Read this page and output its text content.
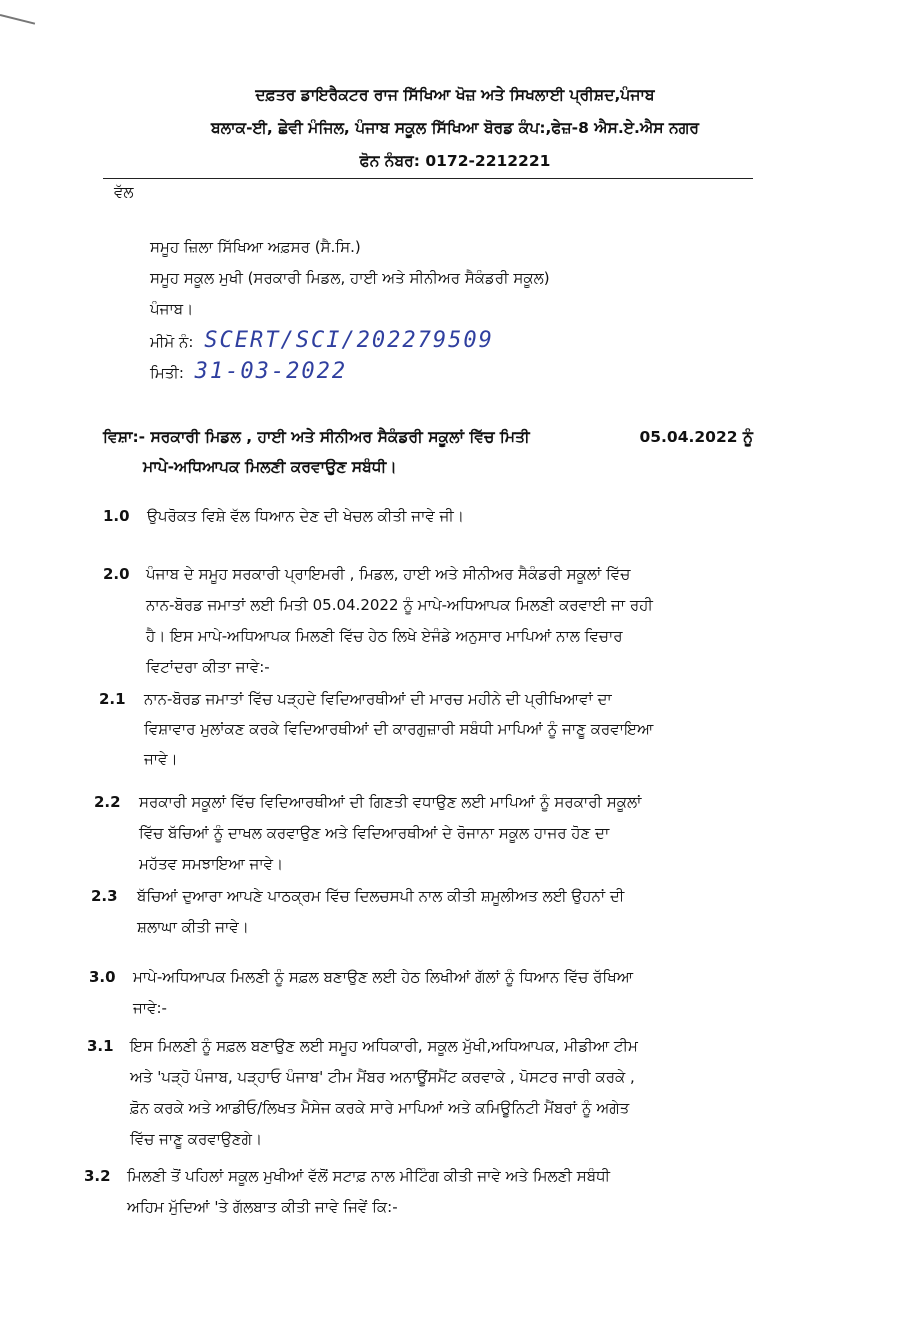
ਦਫ਼ਤਰ ਡਾਇਰੈਕਟਰ ਰਾਜ ਸਿੱਖਿਆ ਖੋਜ਼ ਅਤੇ ਸਿਖਲਾਈ ਪ੍ਰੀਸ਼ਦ,ਪੰਜਾਬ
ਬਲਾਕ-ਈ, ਛੇਵੀ ਮੰਜਿਲ, ਪੰਜਾਬ ਸਕੂਲ ਸਿੱਖਿਆ ਬੋਰਡ ਕੰਪ:,ਫੇਜ਼-8 ਐਸ.ਏ.ਐਸ ਨਗਰ
ਫੋਨ ਨੰਬਰ: 0172-2212221
ਵੱਲ
ਸਮੂਹ ਜ਼ਿਲਾ ਸਿੱਖਿਆ ਅਫ਼ਸਰ (ਸੈ.ਸਿ.)
ਸਮੂਹ ਸਕੂਲ ਮੁਖੀ (ਸਰਕਾਰੀ ਮਿਡਲ, ਹਾਈ ਅਤੇ ਸੀਨੀਅਰ ਸੈਕੰਡਰੀ ਸਕੂਲ)
ਪੰਜਾਬ।
ਮੀਮੋ ਨੰ: SCERT/SCI/202279509
ਮਿਤੀ: 31-03-2022
ਵਿਸ਼ਾ:- ਸਰਕਾਰੀ ਮਿਡਲ , ਹਾਈ ਅਤੇ ਸੀਨੀਅਰ ਸੈਕੰਡਰੀ ਸਕੂਲਾਂ ਵਿੱਚ ਮਿਤੀ	05.04.2022 ਨੂੰ
ਮਾਪੇ-ਅਧਿਆਪਕ ਮਿਲਣੀ ਕਰਵਾਉਣ ਸਬੰਧੀ।
1.0 ਉਪਰੋਕਤ ਵਿਸ਼ੇ ਵੱਲ ਧਿਆਨ ਦੇਣ ਦੀ ਖੇਚਲ ਕੀਤੀ ਜਾਵੇ ਜੀ।
2.0 ਪੰਜਾਬ ਦੇ ਸਮੂਹ ਸਰਕਾਰੀ ਪ੍ਰਾਇਮਰੀ , ਮਿਡਲ, ਹਾਈ ਅਤੇ ਸੀਨੀਅਰ ਸੈਕੰਡਰੀ ਸਕੂਲਾਂ ਵਿੱਚ
ਨਾਨ-ਬੋਰਡ ਜਮਾਤਾਂ ਲਈ ਮਿਤੀ 05.04.2022 ਨੂੰ ਮਾਪੇ-ਅਧਿਆਪਕ ਮਿਲਣੀ ਕਰਵਾਈ ਜਾ ਰਹੀ
ਹੈ। ਇਸ ਮਾਪੇ-ਅਧਿਆਪਕ ਮਿਲਣੀ ਵਿੱਚ ਹੇਠ ਲਿਖੇ ਏਜੰਡੇ ਅਨੁਸਾਰ ਮਾਪਿਆਂ ਨਾਲ ਵਿਚਾਰ
ਵਿਟਾਂਦਰਾ ਕੀਤਾ ਜਾਵੇ:-
2.1 ਨਾਨ-ਬੋਰਡ ਜਮਾਤਾਂ ਵਿੱਚ ਪੜ੍ਹਦੇ ਵਿਦਿਆਰਥੀਆਂ ਦੀ ਮਾਰਚ ਮਹੀਨੇ ਦੀ ਪ੍ਰੀਖਿਆਵਾਂ ਦਾ
ਵਿਸ਼ਾਵਾਰ ਮੁਲਾਂਕਣ ਕਰਕੇ ਵਿਦਿਆਰਥੀਆਂ ਦੀ ਕਾਰਗੁਜ਼ਾਰੀ ਸਬੰਧੀ ਮਾਪਿਆਂ ਨੂੰ ਜਾਣੂ ਕਰਵਾਇਆ
ਜਾਵੇ।
2.2 ਸਰਕਾਰੀ ਸਕੂਲਾਂ ਵਿੱਚ ਵਿਦਿਆਰਥੀਆਂ ਦੀ ਗਿਣਤੀ ਵਧਾਉਣ ਲਈ ਮਾਪਿਆਂ ਨੂੰ ਸਰਕਾਰੀ ਸਕੂਲਾਂ
ਵਿੱਚ ਬੱਚਿਆਂ ਨੂੰ ਦਾਖਲ ਕਰਵਾਉਣ ਅਤੇ ਵਿਦਿਆਰਥੀਆਂ ਦੇ ਰੋਜਾਨਾ ਸਕੂਲ ਹਾਜਰ ਹੋਣ ਦਾ
ਮਹੱਤਵ ਸਮਝਾਇਆ ਜਾਵੇ।
2.3 ਬੱਚਿਆਂ ਦੁਆਰਾ ਆਪਣੇ ਪਾਠਕ੍ਰਮ ਵਿੱਚ ਦਿਲਚਸਪੀ ਨਾਲ ਕੀਤੀ ਸ਼ਮੂਲੀਅਤ ਲਈ ਉਹਨਾਂ ਦੀ
ਸ਼ਲਾਘਾ ਕੀਤੀ ਜਾਵੇ।
3.0 ਮਾਪੇ-ਅਧਿਆਪਕ ਮਿਲਣੀ ਨੂੰ ਸਫ਼ਲ ਬਣਾਉਣ ਲਈ ਹੇਠ ਲਿਖੀਆਂ ਗੱਲਾਂ ਨੂੰ ਧਿਆਨ ਵਿੱਚ ਰੱਖਿਆ
ਜਾਵੇ:-
3.1 ਇਸ ਮਿਲਣੀ ਨੂੰ ਸਫ਼ਲ ਬਣਾਉਣ ਲਈ ਸਮੂਹ ਅਧਿਕਾਰੀ, ਸਕੂਲ ਮੁੱਖੀ,ਅਧਿਆਪਕ, ਮੀਡੀਆ ਟੀਮ
ਅਤੇ 'ਪੜ੍ਹੋ ਪੰਜਾਬ, ਪੜ੍ਹਾਓ ਪੰਜਾਬ' ਟੀਮ ਮੈਂਬਰ ਅਨਾਊਂਸਮੈਂਟ ਕਰਵਾਕੇ , ਪੋਸਟਰ ਜਾਰੀ ਕਰਕੇ ,
ਫ਼ੋਨ ਕਰਕੇ ਅਤੇ ਆਡੀਓ/ਲਿਖਤ ਮੈਸੇਜ ਕਰਕੇ ਸਾਰੇ ਮਾਪਿਆਂ ਅਤੇ ਕਮਿਊਨਿਟੀ ਮੈਂਬਰਾਂ ਨੂੰ ਅਗੇਤ
ਵਿੱਚ ਜਾਣੂ ਕਰਵਾਉਣਗੇ।
3.2 ਮਿਲਣੀ ਤੋਂ ਪਹਿਲਾਂ ਸਕੂਲ ਮੁਖੀਆਂ ਵੱਲੋਂ ਸਟਾਫ਼ ਨਾਲ ਮੀਟਿੰਗ ਕੀਤੀ ਜਾਵੇ ਅਤੇ ਮਿਲਣੀ ਸਬੰਧੀ
ਅਹਿਮ ਮੁੱਦਿਆਂ 'ਤੇ ਗੱਲਬਾਤ ਕੀਤੀ ਜਾਵੇ ਜਿਵੇਂ ਕਿ:-
